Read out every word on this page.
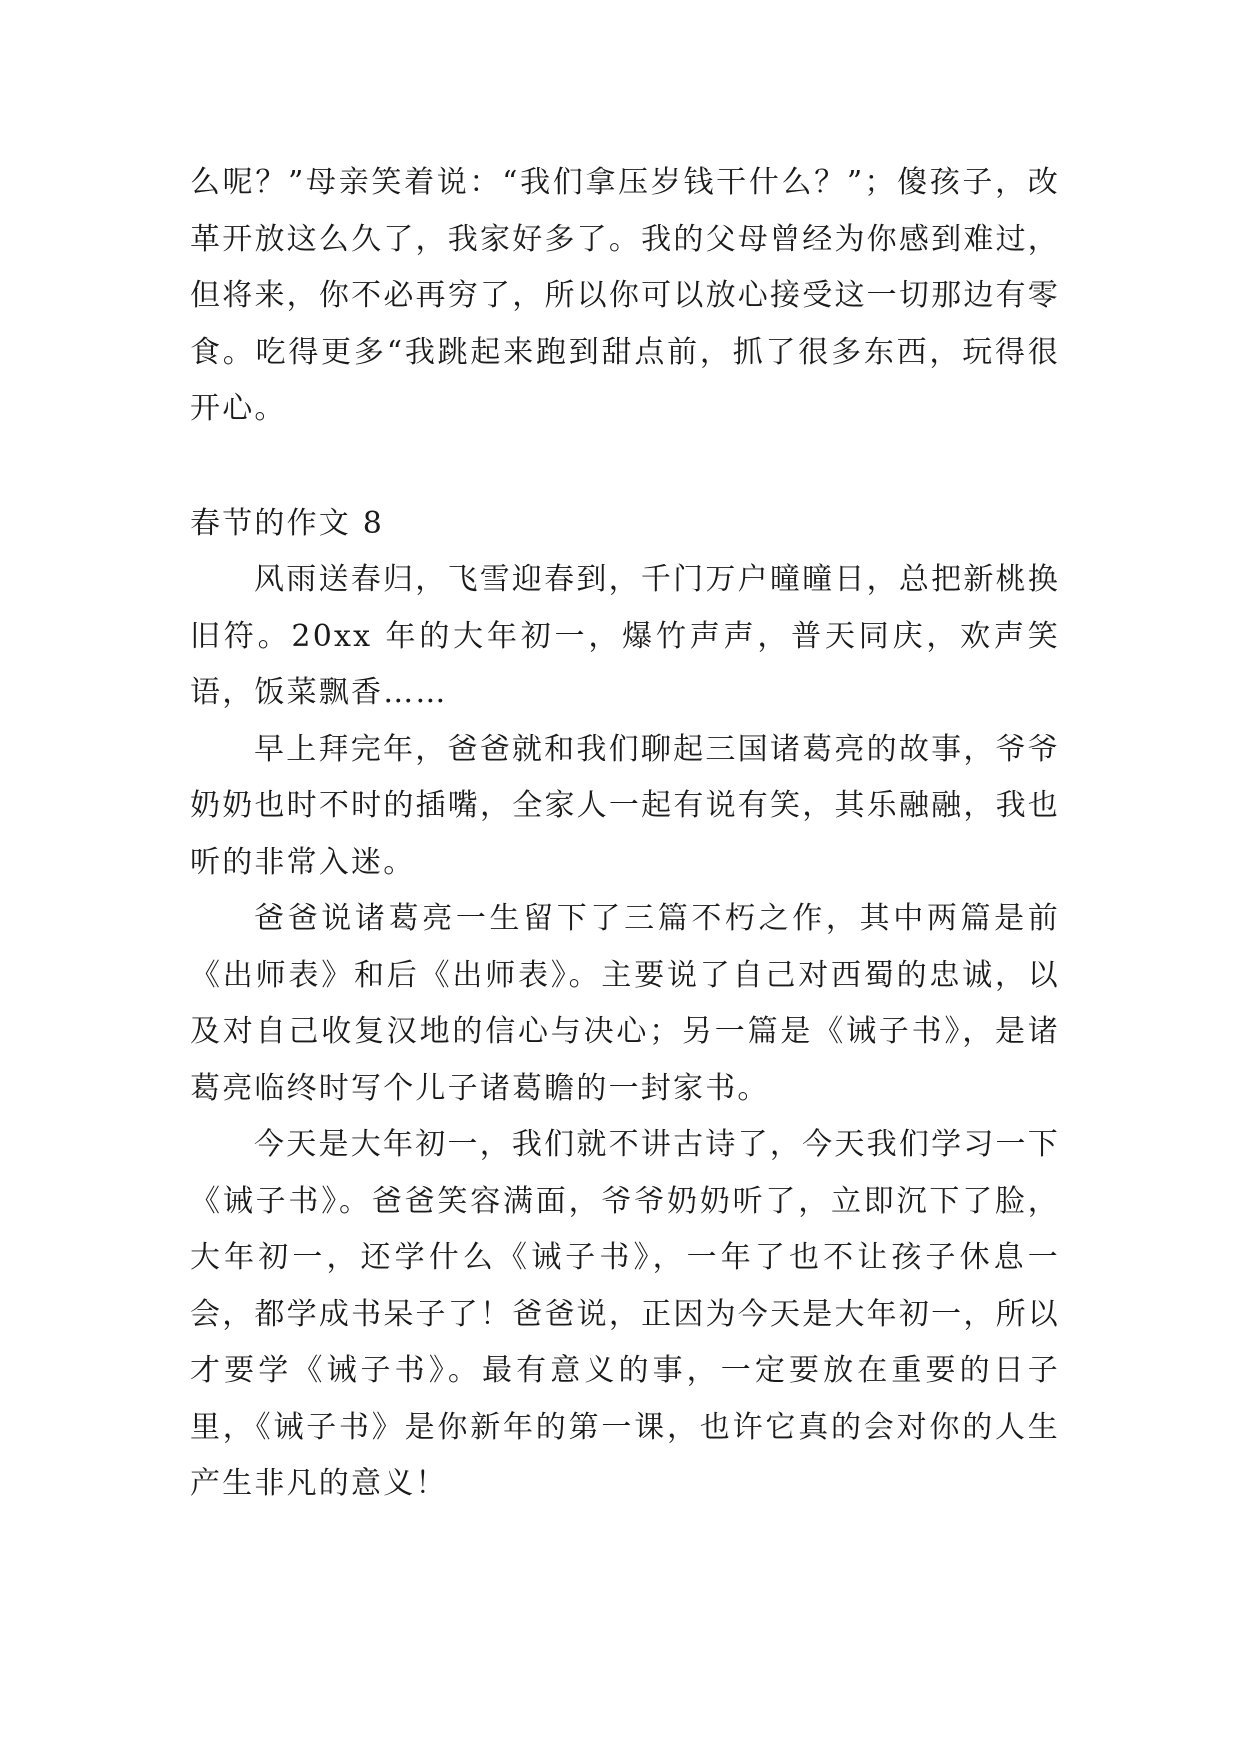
么呢？”母亲笑着说：“我们拿压岁钱干什么？”；傻孩子，改革开放这么久了，我家好多了。我的父母曾经为你感到难过，但将来，你不必再穷了，所以你可以放心接受这一切那边有零食。吃得更多“我跳起来跑到甜点前，抓了很多东西，玩得很开心。

春节的作文 8

风雨送春归，飞雪迎春到，千门万户曈曈日，总把新桃换旧符。20xx 年的大年初一，爆竹声声，普天同庆，欢声笑语，饭菜飘香……

早上拜完年，爸爸就和我们聊起三国诸葛亮的故事，爷爷奶奶也时不时的插嘴，全家人一起有说有笑，其乐融融，我也听的非常入迷。

爸爸说诸葛亮一生留下了三篇不朽之作，其中两篇是前《出师表》和后《出师表》。主要说了自己对西蜀的忠诚，以及对自己收复汉地的信心与决心；另一篇是《诫子书》，是诸葛亮临终时写个儿子诸葛瞻的一封家书。

今天是大年初一，我们就不讲古诗了，今天我们学习一下《诫子书》。爸爸笑容满面，爷爷奶奶听了，立即沉下了脸，大年初一，还学什么《诫子书》，一年了也不让孩子休息一会，都学成书呆子了！爸爸说，正因为今天是大年初一，所以才要学《诫子书》。最有意义的事，一定要放在重要的日子里，《诫子书》是你新年的第一课，也许它真的会对你的人生产生非凡的意义！
